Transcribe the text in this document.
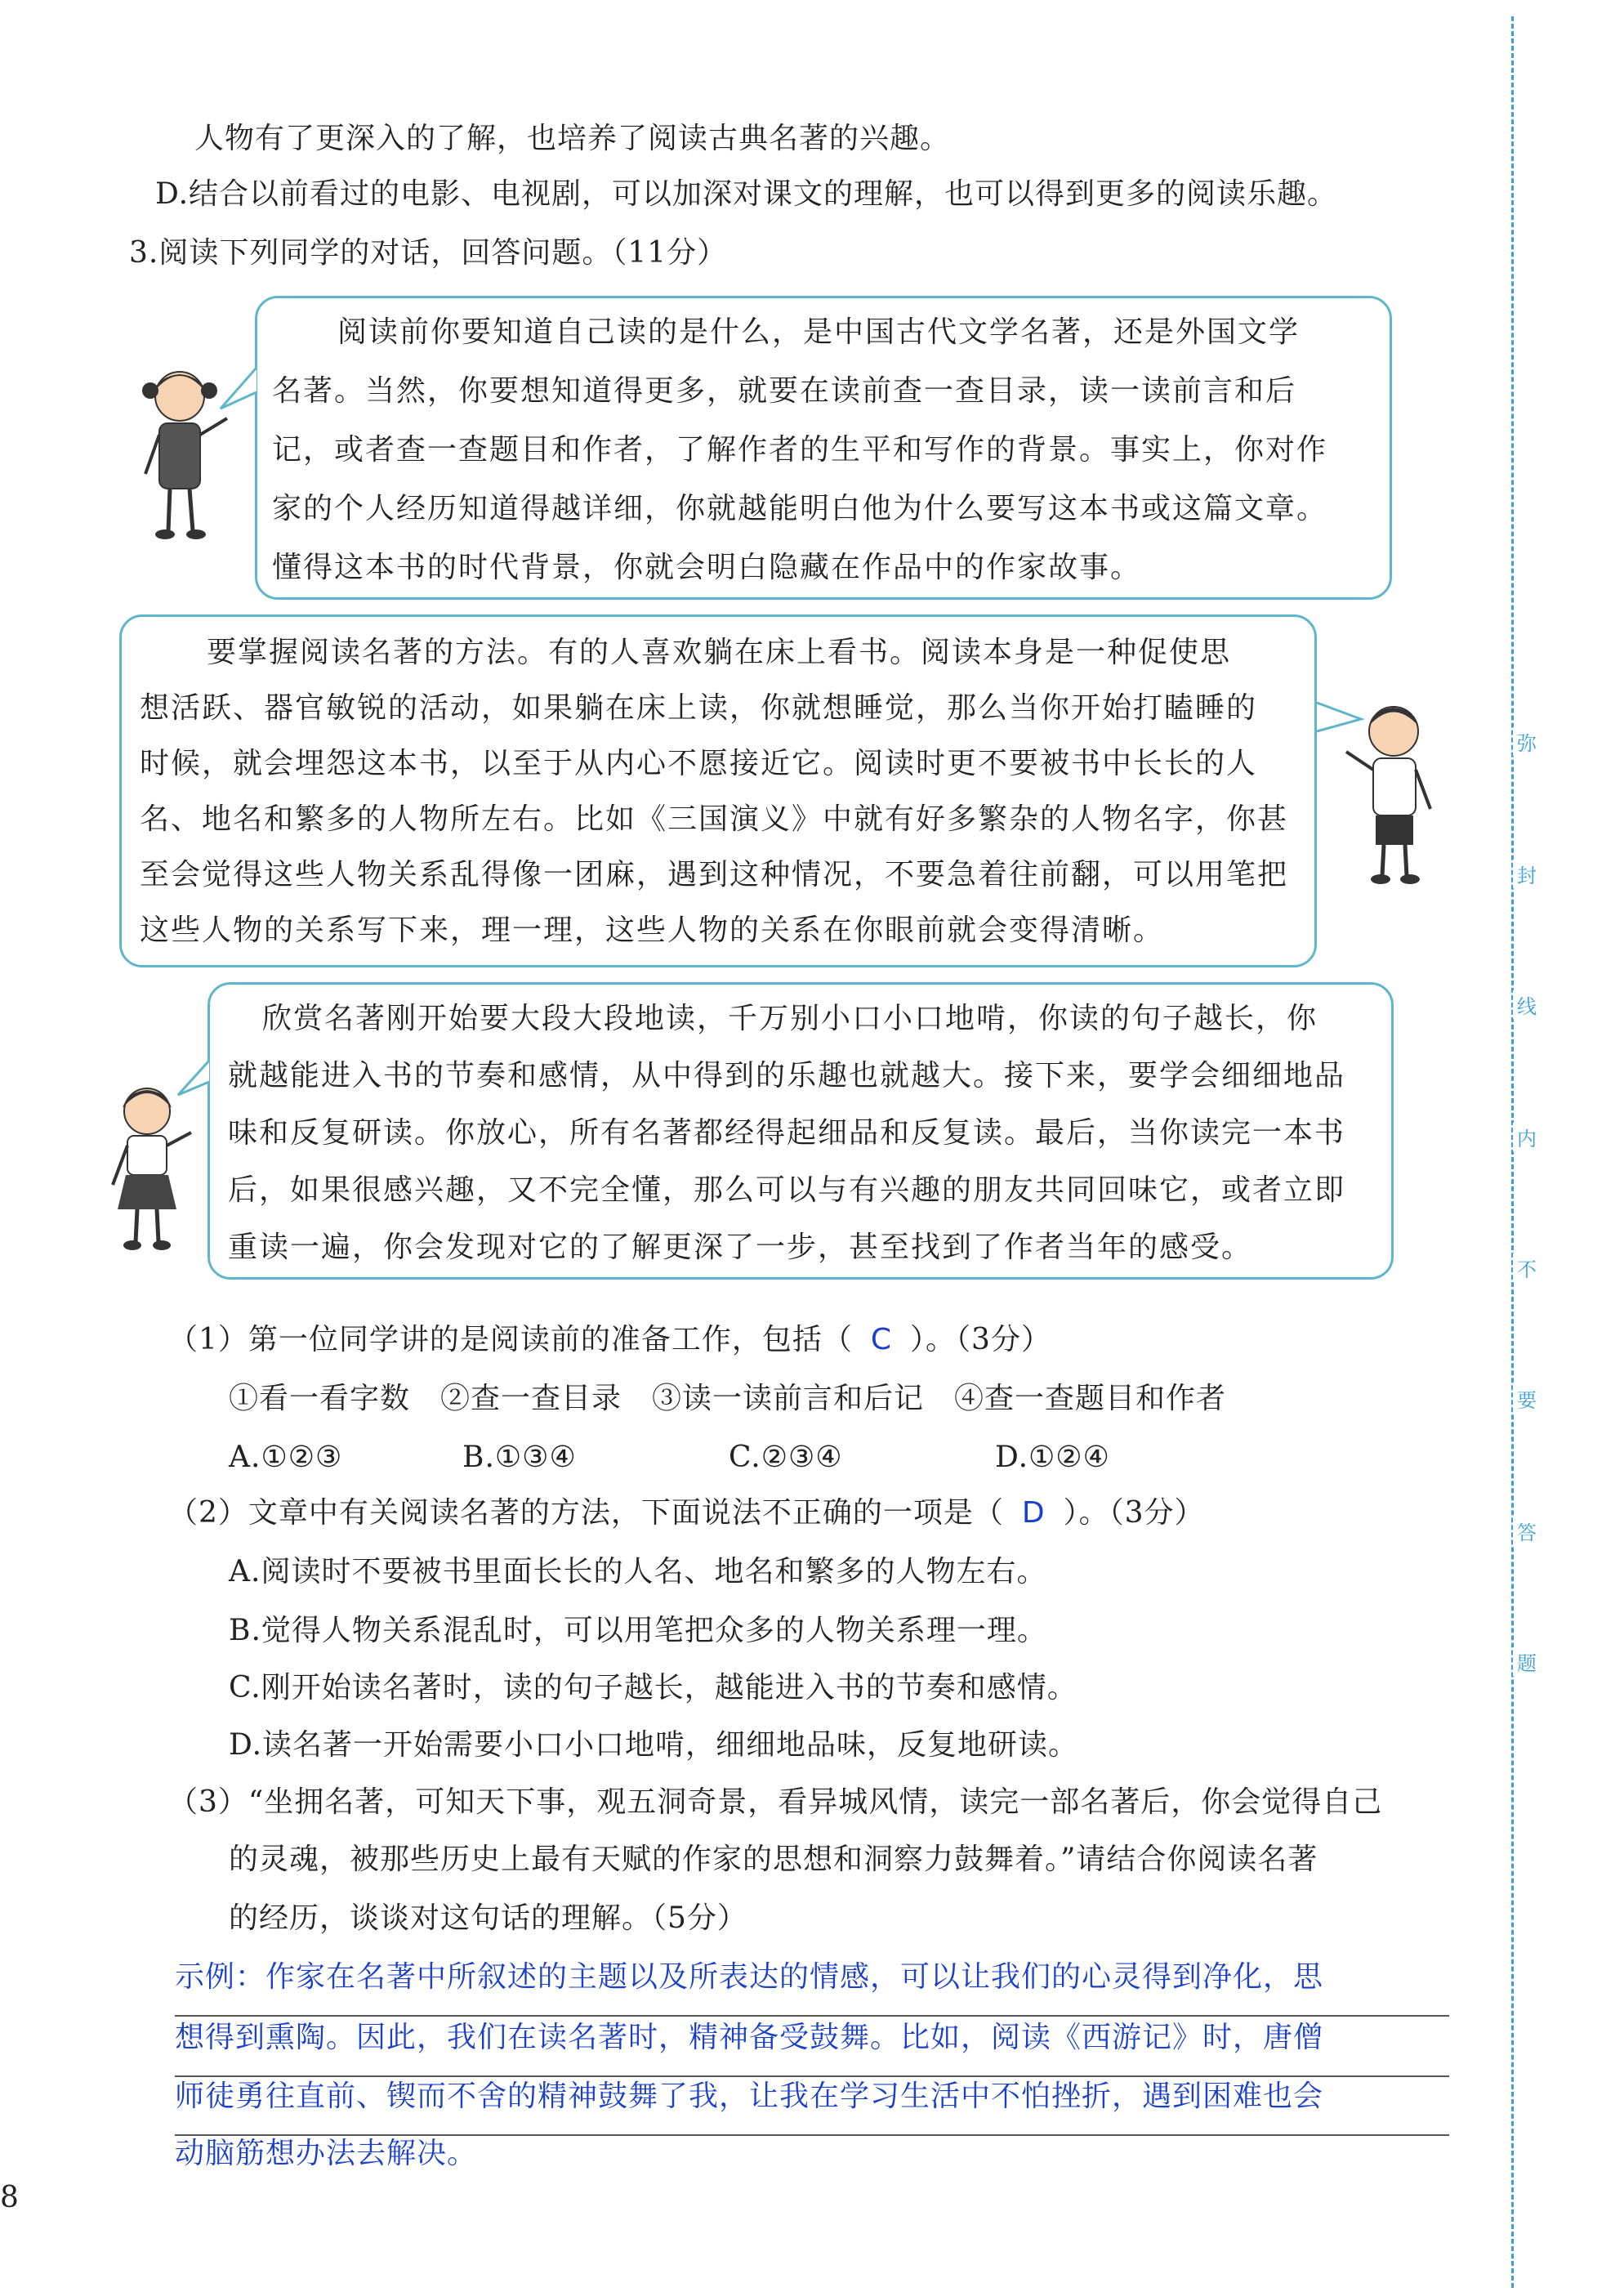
人物有了更深入的了解，也培养了阅读古典名著的兴趣。
D.结合以前看过的电影、电视剧，可以加深对课文的理解，也可以得到更多的阅读乐趣。
3.阅读下列同学的对话，回答问题。（11分）
阅读前你要知道自己读的是什么，是中国古代文学名著，还是外国文学
名著。当然，你要想知道得更多，就要在读前查一查目录，读一读前言和后
记，或者查一查题目和作者，了解作者的生平和写作的背景。事实上，你对作
家的个人经历知道得越详细，你就越能明白他为什么要写这本书或这篇文章。
懂得这本书的时代背景，你就会明白隐藏在作品中的作家故事。
要掌握阅读名著的方法。有的人喜欢躺在床上看书。阅读本身是一种促使思
想活跃、器官敏锐的活动，如果躺在床上读，你就想睡觉，那么当你开始打瞌睡的
时候，就会埋怨这本书，以至于从内心不愿接近它。阅读时更不要被书中长长的人
名、地名和繁多的人物所左右。比如《三国演义》中就有好多繁杂的人物名字，你甚
至会觉得这些人物关系乱得像一团麻，遇到这种情况，不要急着往前翻，可以用笔把
这些人物的关系写下来，理一理，这些人物的关系在你眼前就会变得清晰。
欣赏名著刚开始要大段大段地读，千万别小口小口地啃，你读的句子越长，你
就越能进入书的节奏和感情，从中得到的乐趣也就越大。接下来，要学会细细地品
味和反复研读。你放心，所有名著都经得起细品和反复读。最后，当你读完一本书
后，如果很感兴趣，又不完全懂，那么可以与有兴趣的朋友共同回味它，或者立即
重读一遍，你会发现对它的了解更深了一步，甚至找到了作者当年的感受。
（1）第一位同学讲的是阅读前的准备工作，包括（ C ）。（3分）
①看一看字数　②查一查目录　③读一读前言和后记　④查一查题目和作者
A.①②③	B.①③④	C.②③④	D.①②④
（2）文章中有关阅读名著的方法，下面说法不正确的一项是（ D ）。（3分）
A.阅读时不要被书里面长长的人名、地名和繁多的人物左右。
B.觉得人物关系混乱时，可以用笔把众多的人物关系理一理。
C.刚开始读名著时，读的句子越长，越能进入书的节奏和感情。
D.读名著一开始需要小口小口地啃，细细地品味，反复地研读。
（3）“坐拥名著，可知天下事，观五洞奇景，看异城风情，读完一部名著后，你会觉得自己
的灵魂，被那些历史上最有天赋的作家的思想和洞察力鼓舞着。”请结合你阅读名著
的经历，谈谈对这句话的理解。（5分）
示例：作家在名著中所叙述的主题以及所表达的情感，可以让我们的心灵得到净化，思
想得到熏陶。因此，我们在读名著时，精神备受鼓舞。比如，阅读《西游记》时，唐僧
师徒勇往直前、锲而不舍的精神鼓舞了我，让我在学习生活中不怕挫折，遇到困难也会
动脑筋想办法去解决。
8
弥
封
线
内
不
要
答
题
